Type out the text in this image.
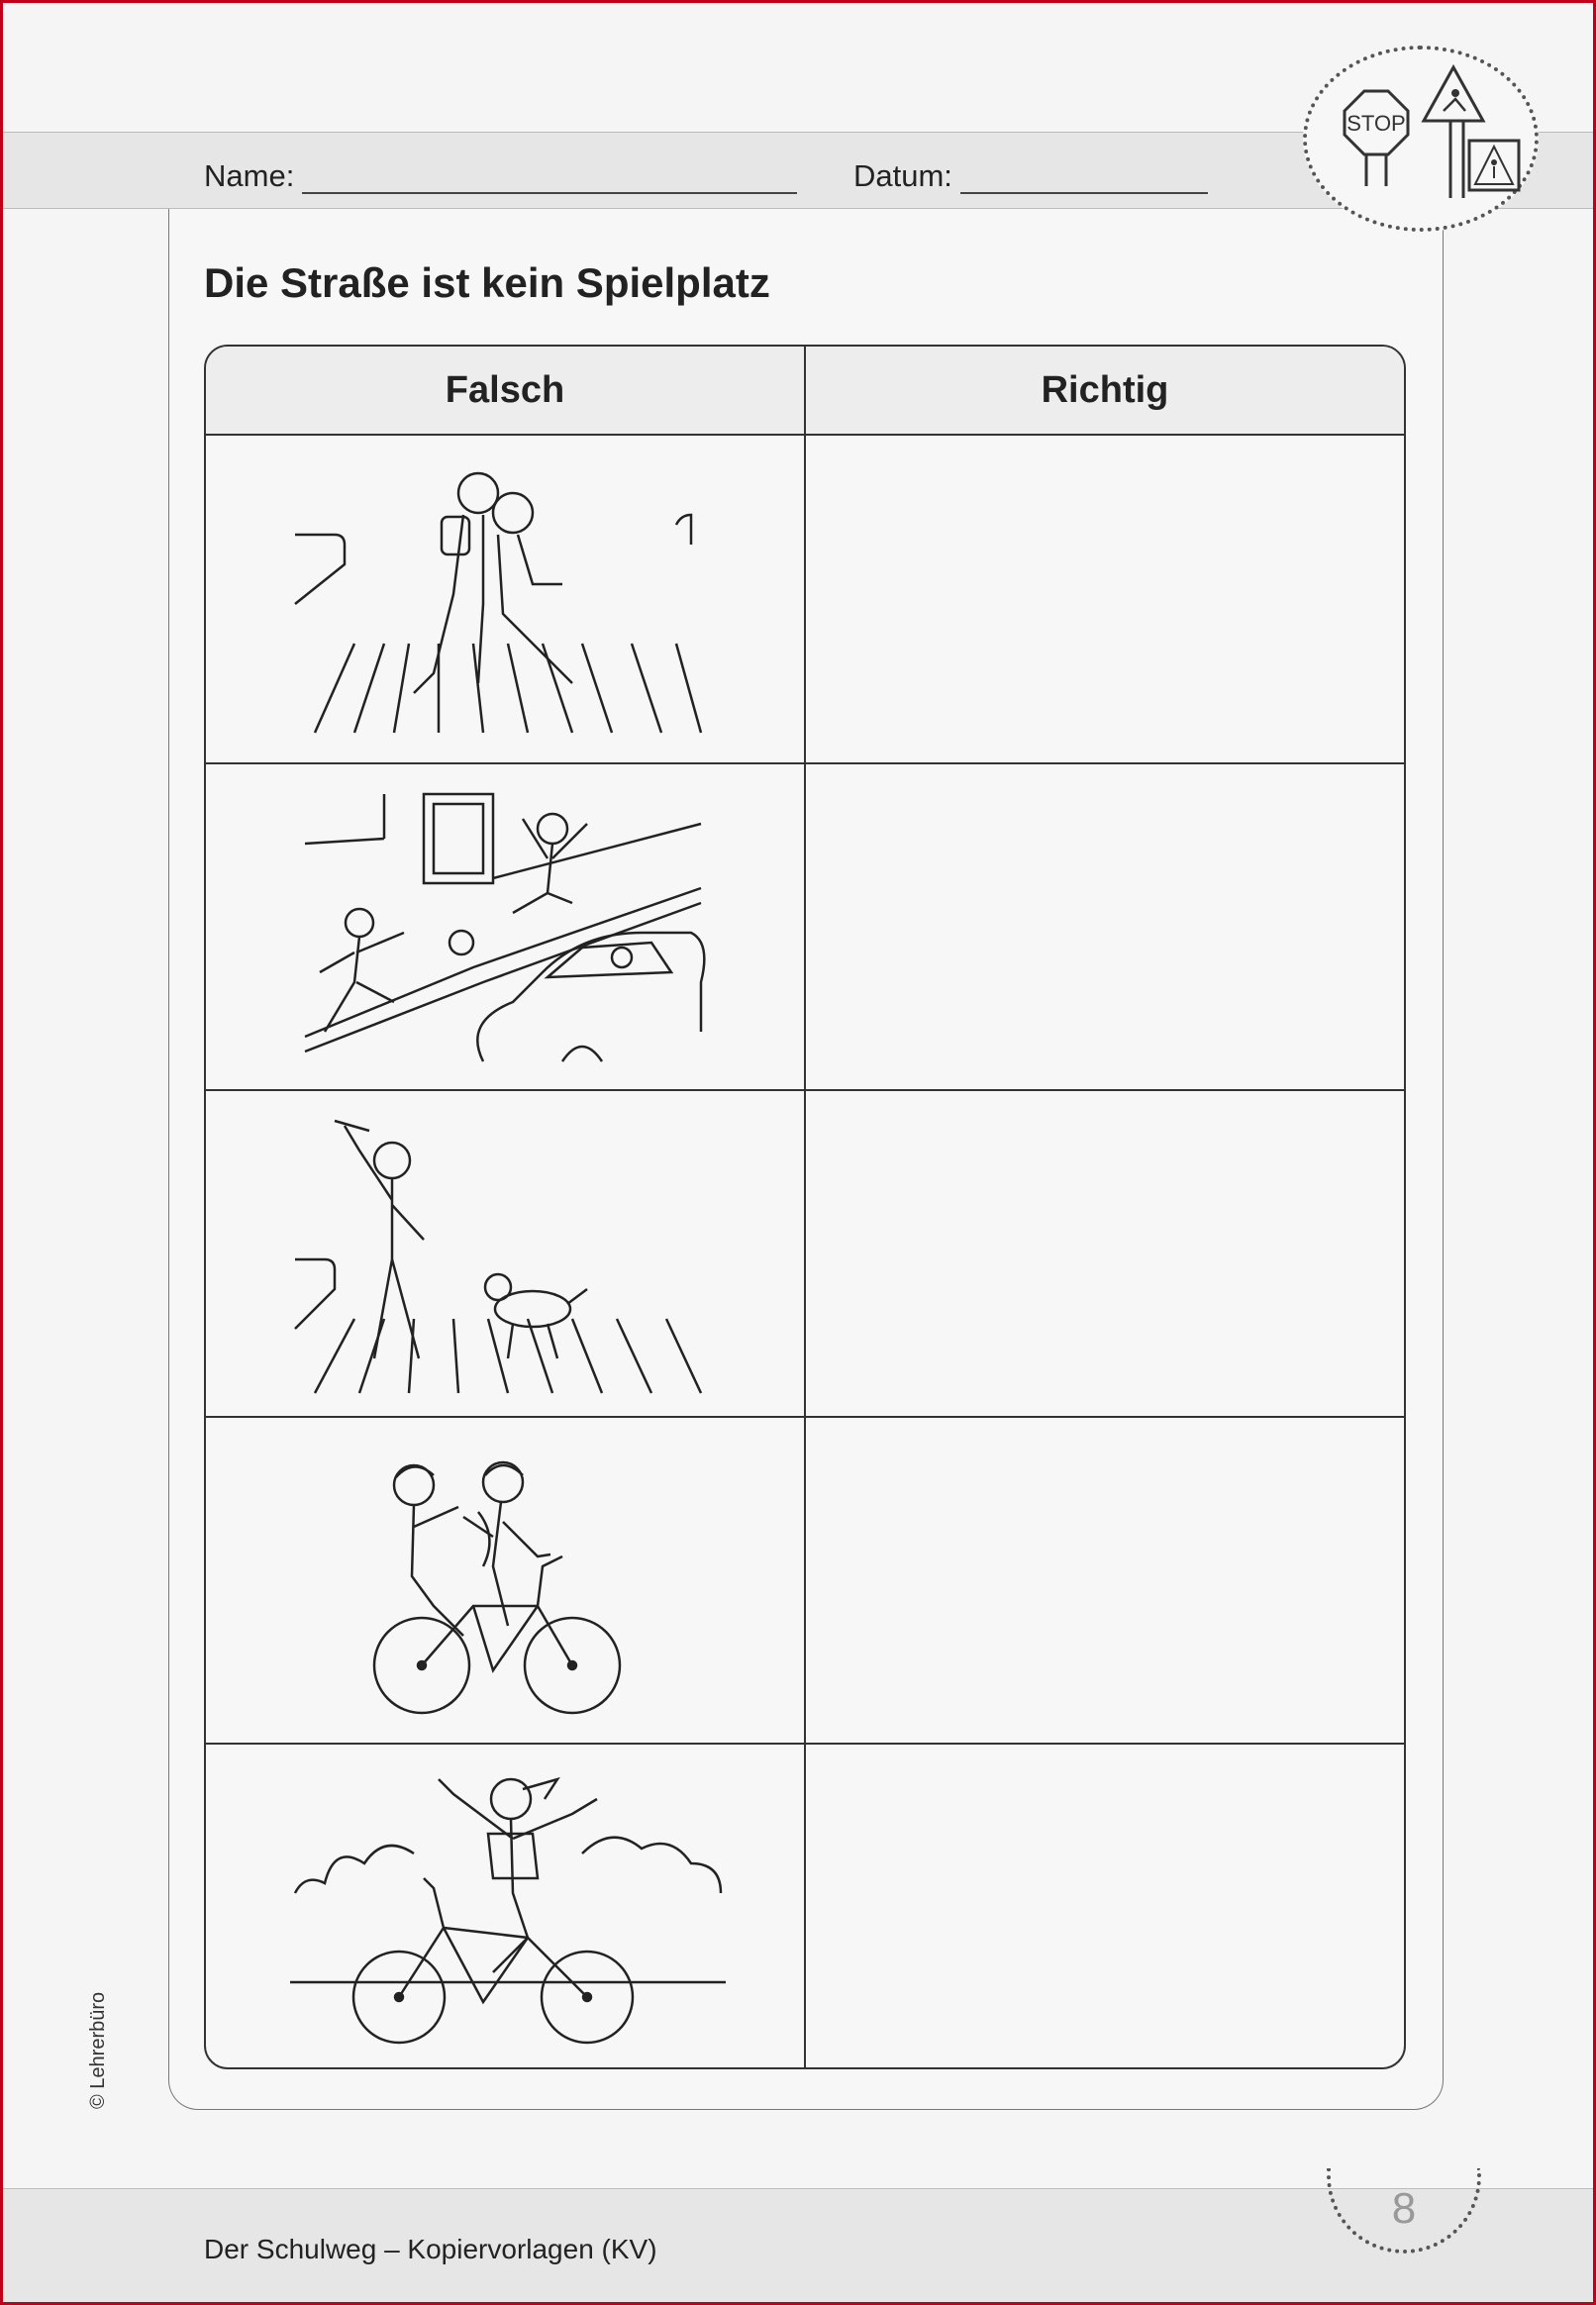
Name:	Datum:
STOP
Die Straße ist kein Spielplatz
Falsch	Richtig
© Lehrerbüro
Der Schulweg – Kopiervorlagen (KV)
8
